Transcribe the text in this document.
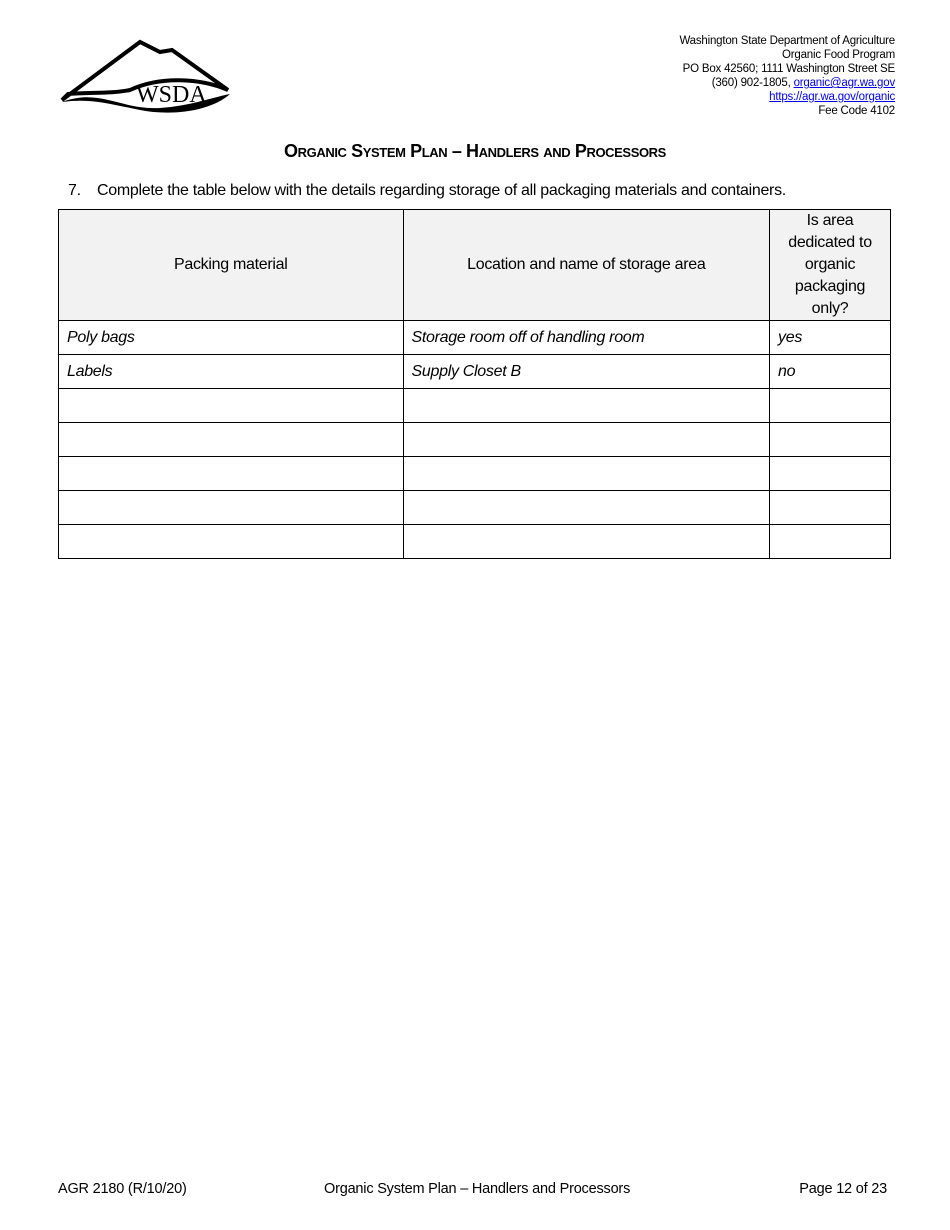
WSDA
Washington State Department of Agriculture
Organic Food Program
PO Box 42560; 1111 Washington Street SE
(360) 902-1805, organic@agr.wa.gov
https://agr.wa.gov/organic
Fee Code 4102
Organic System Plan – Handlers and Processors
7. Complete the table below with the details regarding storage of all packaging materials and containers.
Packing material	Location and name of storage area	Is area dedicated to organic packaging only?
Poly bags	Storage room off of handling room	yes
Labels	Supply Closet B	no

AGR 2180 (R/10/20)	Organic System Plan – Handlers and Processors	Page 12 of 23
